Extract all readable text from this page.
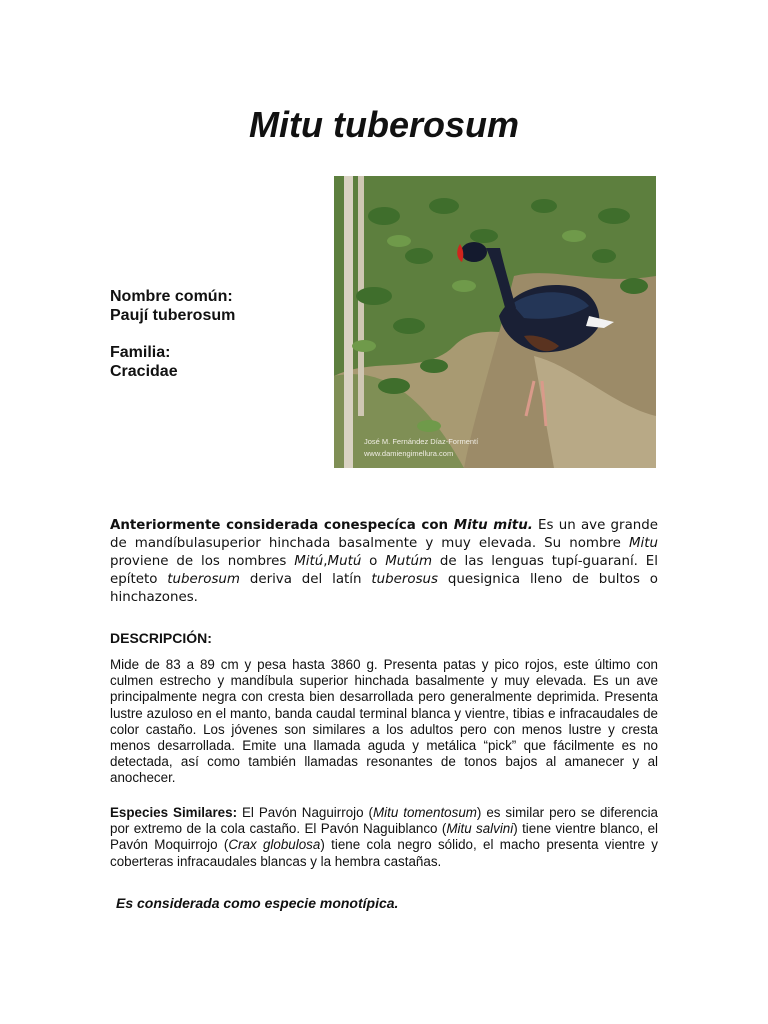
Mitu tuberosum
José M. Fernández Díaz-Formentí
www.damiengimellura.com

Nombre común:

Paují tuberosum

Familia:

Cracidae

Anteriormente considerada conespecíca con Mitu mitu. Es un ave grande de mandíbulasuperior hinchada basalmente y muy elevada. Su nombre Mitu proviene de los nombres Mitú,Mutú o Mutúm de las lenguas tupí-guaraní. El epíteto tuberosum deriva del latín tuberosus quesignica lleno de bultos o hinchazones.

DESCRIPCIÓN:

Mide de 83 a 89 cm y pesa hasta 3860 g. Presenta patas y pico rojos, este último con culmen estrecho y mandíbula superior hinchada basalmente y muy elevada. Es un ave principalmente negra con cresta bien desarrollada pero generalmente deprimida. Presenta lustre azuloso en el manto, banda caudal terminal blanca y vientre, tibias e infracaudales de color castaño. Los jóvenes son similares a los adultos pero con menos lustre y cresta menos desarrollada. Emite una llamada aguda y metálica “pick” que fácilmente es no detectada, así como también llamadas resonantes de tonos bajos al amanecer y al anochecer.

Especies Similares: El Pavón Naguirrojo (Mitu tomentosum) es similar pero se diferencia por extremo de la cola castaño. El Pavón Naguiblanco (Mitu salvini) tiene vientre blanco, el Pavón Moquirrojo (Crax globulosa) tiene cola negro sólido, el macho presenta vientre y coberteras infracaudales blancas y la hembra castañas.

Es considerada como especie monotípica.
